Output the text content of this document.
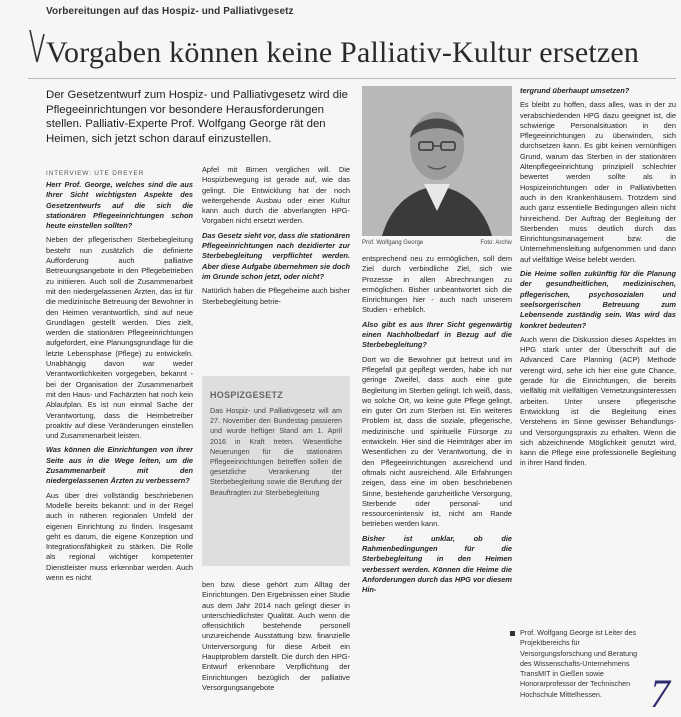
Vorbereitungen auf das Hospiz- und Palliativgesetz
Vorgaben können keine Palliativ-Kultur ersetzen
Der Gesetzentwurf zum Hospiz- und Palliativgesetz wird die Pflegeeinrichtungen vor besondere Herausforderungen stellen. Palliativ-Experte Prof. Wolfgang George rät den Heimen, sich jetzt schon darauf einzustellen.
INTERVIEW: UTE DREYER

Herr Prof. George, welches sind die aus Ihrer Sicht wichtigsten Aspekte des Gesetzentwurfs auf die sich die stationären Pflegeeinrichtungen schon heute einstellen sollten?

Neben der pflegerischen Sterbebegleitung besteht nun zusätzlich die definierte Aufforderung auch palliative Betreuungsangebote in den Pflegebetrieben zu initiieren. Auch soll die Zusammenarbeit mit den niedergelassenen Ärzten, das ist für die medizinische Betreuung der Bewohner in den Heimen verantwortlich, sind auf neue Grundlagen gestellt werden. Dies zielt, werden die stationären Pflegeeinrichtungen aufgefordert, eine Planungsgrundlage für die letzte Lebensphase (Pflege) zu entwickeln. Unabhängig davon war weder Verantwortlichkeiten vorgegeben, bekannt - bei der Organisation der Zusammenarbeit mit den Haus- und Fachärzten hat noch kein Ablaufplan. Es ist nun einmal Sache der Verantwortung, dass die Heimbetreiber proaktiv auf diese Veränderungen einstellen und Zusammenarbeit leisten.

Was können die Einrichtungen von ihrer Seite aus in die Wege leiten, um die Zusammenarbeit mit den niedergelassenen Ärzten zu verbessern?

Aus über drei vollständig beschriebenen Modelle bereits bekannt: und in der Regel auch in näheren regionalen Umfeld der eigenen Einrichtung zu finden. Insgesamt geht es darum, die eigene Konzeption und Integrationsfähigkeit zu stärken. Die Rolle als regional wichtiger kompetenter Dienstleister muss erkennbar werden. Auch wenn es nicht

Apfel mit Birnen verglichen will. Die Hospizbewegung ist gerade auf, wie das gelingt. Die Entwicklung hat der noch weitergehende Ausbau oder einer Kultur kann auch durch die abverlangten HPG-Vorgaben nicht ersetzt werden.

Das Gesetz sieht vor, dass die stationären Pflegeeinrichtungen nach dezidierter zur Sterbebegleitung verpflichtet werden. Aber diese Aufgabe übernehmen sie doch im Grunde schon jetzt, oder nicht?

Natürlich haben die Pflegeheime auch bisher Sterbebegleitung betrie-

HOSPIZGESETZ
Das Hospiz- und Palliativgesetz will am 27. November den Bundestag passieren und wurde heftiger Stand am 1. April 2016 in Kraft treten. Wesentliche Neuerungen für die stationären Pflegeeinrichtungen betreffen sollen die gesetzliche Verankerung der Sterbebegleitung sowie die Berufung der Beauftragten zur Sterbebegleitung

ben bzw. diese gehört zum Alltag der Einrichtungen. Den Ergebnissen einer Studie aus dem Jahr 2014 nach gelingt dieser in unterschiedlichster Qualität. Auch wenn die offensichtlich bestehende personell unzureichende Ausstattung bzw. finanzielle Unterversorgung für diese Arbeit ein Hauptproblem darstellt. Die durch den HPG-Entwurf erkennbare Verpflichtung der Einrichtungen bezüglich der palliative Versorgungsangebote

Prof. Wolfgang George	Foto: Archiv

entsprechend neu zu ermöglichen, soll dem Ziel durch verbindliche Ziel, sich wie Prozesse in allen Abrechnungen zu ermöglichen. Bisher unbeantwortet sich die Einrichtungen hier - auch nach unserem Studien - erheblich.

Also gibt es aus Ihrer Sicht gegenwärtig einen Nachholbedarf in Bezug auf die Sterbebegleitung?

Dort wo die Bewohner gut betreut und im Pflegefall gut gepflegt werden, habe ich nur geringe Zweifel, dass auch eine gute Begleitung im Sterben gelingt. Ich weiß, dass, wo solche Ort, wo keine gute Pflege gelingt, ein guter Ort zum Sterben ist. Ein weiteres Problem ist, dass die soziale, pflegerische, medizinische und spirituelle Fürsorge zu entwickeln. Hier sind die Heimträger aber im Wesentlichen zu der Verantwortung, die in den Pflegeeinrichtungen ausreichend und oftmals nicht ausreichend. Alle Erfahrungen zeigen, dass eine im oben beschriebenen Sinne, bestehende ganzheitliche Versorgung, Sterbende oder personal- und ressourcenintensiv ist, nicht am Rande betrieben werden kann.

Bisher ist unklar, ob die Rahmenbedingungen für die Sterbebegleitung in den Heimen verbessert werden. Können die Heime die Anforderungen durch das HPG vor diesem Hin-

tergrund überhaupt umsetzen?

Es bleibt zu hoffen, dass alles, was in der zu verabschiedenden HPG dazu geeignet ist, die schwierige Personalsituation in den Pflegeeinrichtungen zu überwinden, sich durchsetzen kann. Es gibt keinen vernünftigen Grund, warum das Sterben in der stationären Altenpflegeeinrichtung prinzipiell schlechter bewertet werden sollte als in Hospizeinrichtungen oder in Palliativbetten auch in den Krankenhäusern. Trotzdem sind auch ganz essentielle Bedingungen allein nicht hinreichend. Der Auftrag der Begleitung der Sterbenden muss deutlich durch das Einrichtungsmanagement bzw. die Unternehmensleitung aufgenommen und dann auf vielfältige Weise belebt werden.

Die Heime sollen zukünftig für die Planung der gesundheitlichen, medizinischen, pflegerischen, psychosozialen und seelsorgerischen Betreuung zum Lebensende zuständig sein. Was wird das konkret bedeuten?

Auch wenn die Diskussion dieses Aspektes im HPG stark unter der Überschrift auf die Advanced Care Planning (ACP) Methode verengt wird, sehe ich hier eine gute Chance, gerade für die Einrichtungen, die bereits vielfältig mit vielfältigen Vernetzungsinteressen arbeiten. Unter unsere pflegerische Entwicklung ist die Begleitung eines Verstehens im Sinne gewisser Behandlungs- und Versorgungspraxis zu erhalten. Wenn die sich abzeichnende Möglichkeit genutzt wird, kann die Pflege eine professionelle Begleitung in ihrer Hand finden.

Prof. Wolfgang George ist Leiter des Projektbereichs für Versorgungsforschung und Beratung des Wissenschafts-Unternehmens TransMIT in Gießen sowie Honorarprofessor der Technischen Hochschule Mittelhessen.	7
